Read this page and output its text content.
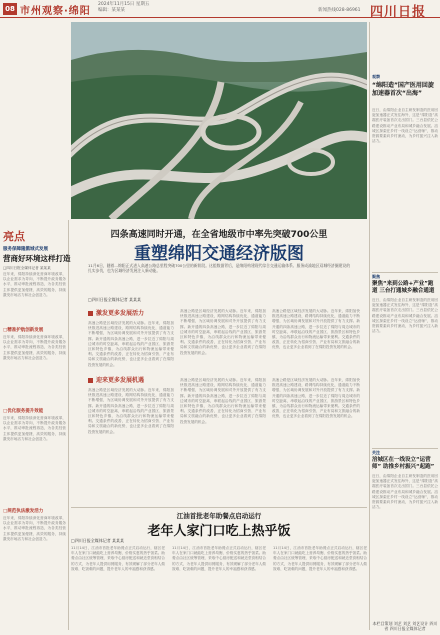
08 市州观察·绵阳
2024年11月15日 星期五
编辑：某某某	新闻热线028-86961 四川日报
亮点
服务保障隆鹊城式发展
营商好环境这样打造
□四川日报全媒体记者 某某某
近年来，绵阳持续深化营商环境改革，以企业需求为导向，不断提升政务服务水平，推动审批流程再造，为各类经营主体提供更加便捷、高效的服务，持续激发市场活力和社会创造力。
□精准护航创新发展
近年来，绵阳持续深化营商环境改革，以企业需求为导向，不断提升政务服务水平，推动审批流程再造，为各类经营主体提供更加便捷、高效的服务，持续激发市场活力和社会创造力。
□优化服务提升效能
近年来，绵阳持续深化营商环境改革，以企业需求为导向，不断提升政务服务水平，推动审批流程再造，为各类经营主体提供更加便捷、高效的服务，持续激发市场活力和社会创造力。
□规范执法激发活力
近年来，绵阳持续深化营商环境改革，以企业需求为导向，不断提升政务服务水平，推动审批流程再造，为各类经营主体提供更加便捷、高效的服务，持续激发市场活力和社会创造力。
四条高速同时开通，在全省地级市中率先突破700公里
重塑绵阳交通经济版图
11月6日，随着...绵阳正式进入高速公路总里程突破700公里的新阶段。这组数据背后，是绵阳构建现代综合交通运输体系、服务成渝地区双城经济圈建设的扎实步伐，也为区域经济发展注入新动能。
□四川日报全媒体记者 某某某
激发更多发展活力
高速公路是区域经济发展的大动脉。近年来，绵阳加快推进高速公路建设，路网结构持续优化，通道能力不断增强，为区域协调发展和对外开放提供了有力支撑。新开通的四条高速公路，进一步拉近了绵阳与周边城市的时空距离，串联起沿线的产业园区、旅游景区和特色乡镇，为沿线群众出行和物流运输带来便利。交通条件的改善，正在转化为招商引资、产业布局和文旅融合的新优势，也让更多企业看到了在绵阳投资发展的机会。
高速公路是区域经济发展的大动脉。近年来，绵阳加快推进高速公路建设，路网结构持续优化，通道能力不断增强，为区域协调发展和对外开放提供了有力支撑。新开通的四条高速公路，进一步拉近了绵阳与周边城市的时空距离，串联起沿线的产业园区、旅游景区和特色乡镇，为沿线群众出行和物流运输带来便利。交通条件的改善，正在转化为招商引资、产业布局和文旅融合的新优势，也让更多企业看到了在绵阳投资发展的机会。
高速公路是区域经济发展的大动脉。近年来，绵阳加快推进高速公路建设，路网结构持续优化，通道能力不断增强，为区域协调发展和对外开放提供了有力支撑。新开通的四条高速公路，进一步拉近了绵阳与周边城市的时空距离，串联起沿线的产业园区、旅游景区和特色乡镇，为沿线群众出行和物流运输带来便利。交通条件的改善，正在转化为招商引资、产业布局和文旅融合的新优势，也让更多企业看到了在绵阳投资发展的机会。
迎来更多发展机遇
高速公路是区域经济发展的大动脉。近年来，绵阳加快推进高速公路建设，路网结构持续优化，通道能力不断增强，为区域协调发展和对外开放提供了有力支撑。新开通的四条高速公路，进一步拉近了绵阳与周边城市的时空距离，串联起沿线的产业园区、旅游景区和特色乡镇，为沿线群众出行和物流运输带来便利。交通条件的改善，正在转化为招商引资、产业布局和文旅融合的新优势，也让更多企业看到了在绵阳投资发展的机会。
高速公路是区域经济发展的大动脉。近年来，绵阳加快推进高速公路建设，路网结构持续优化，通道能力不断增强，为区域协调发展和对外开放提供了有力支撑。新开通的四条高速公路，进一步拉近了绵阳与周边城市的时空距离，串联起沿线的产业园区、旅游景区和特色乡镇，为沿线群众出行和物流运输带来便利。交通条件的改善，正在转化为招商引资、产业布局和文旅融合的新优势，也让更多企业看到了在绵阳投资发展的机会。
高速公路是区域经济发展的大动脉。近年来，绵阳加快推进高速公路建设，路网结构持续优化，通道能力不断增强，为区域协调发展和对外开放提供了有力支撑。新开通的四条高速公路，进一步拉近了绵阳与周边城市的时空距离，串联起沿线的产业园区、旅游景区和特色乡镇，为沿线群众出行和物流运输带来便利。交通条件的改善，正在转化为招商引资、产业布局和文旅融合的新优势，也让更多企业看到了在绵阳投资发展的机会。
江油首批老年助餐点启动运行
老年人家门口吃上热乎饭
□四川日报全媒体记者 某某某
11月14日，江油市首批老年助餐点正式启动运行，辖区老年人在家门口就能吃上营养均衡、价格实惠的热乎饭菜。助餐点由社区统筹管理，采取中心厨房配送和就近堂食相结合的方式，为老年人提供用餐服务，有效缓解了部分老年人做饭难、吃饭难的问题，提升老年人的幸福感和获得感。
11月14日，江油市首批老年助餐点正式启动运行，辖区老年人在家门口就能吃上营养均衡、价格实惠的热乎饭菜。助餐点由社区统筹管理，采取中心厨房配送和就近堂食相结合的方式，为老年人提供用餐服务，有效缓解了部分老年人做饭难、吃饭难的问题，提升老年人的幸福感和获得感。
11月14日，江油市首批老年助餐点正式启动运行，辖区老年人在家门口就能吃上营养均衡、价格实惠的热乎饭菜。助餐点由社区统筹管理，采取中心厨房配送和就近堂食相结合的方式，为老年人提供用餐服务，有效缓解了部分老年人做饭难、吃饭难的问题，提升老年人的幸福感和获得感。
观察
“绵阳造”国产医用回旋加速器首次“出海”
近日，由绵阳企业自主研发制造的医用回旋加速器正式发往海外，这是“绵阳造”高端医疗装备首次走出国门。三台县依托公路建设推动产业布局和城乡融合发展。涪城区探索在乡村一线设立“运营师”，推动资源要素向乡村流动，为乡村振兴注入新活力。
聚焦
聚焦“来到公路+产业”跑道 三台打通城乡融合通道
近日，由绵阳企业自主研发制造的医用回旋加速器正式发往海外，这是“绵阳造”高端医疗装备首次走出国门。三台县依托公路建设推动产业布局和城乡融合发展。涪城区探索在乡村一线设立“运营师”，推动资源要素向乡村流动，为乡村振兴注入新活力。
关注
涪城区在一线设立“运营师” 助推乡村振兴“起跑”
近日，由绵阳企业自主研发制造的医用回旋加速器正式发往海外，这是“绵阳造”高端医疗装备首次走出国门。三台县依托公路建设推动产业布局和城乡融合发展。涪城区探索在乡村一线设立“运营师”，推动资源要素向乡村流动，为乡村振兴注入新活力。
本栏目策划 刘艺 刘艺 刘艺设计 四川省 四川日报全媒体记者
